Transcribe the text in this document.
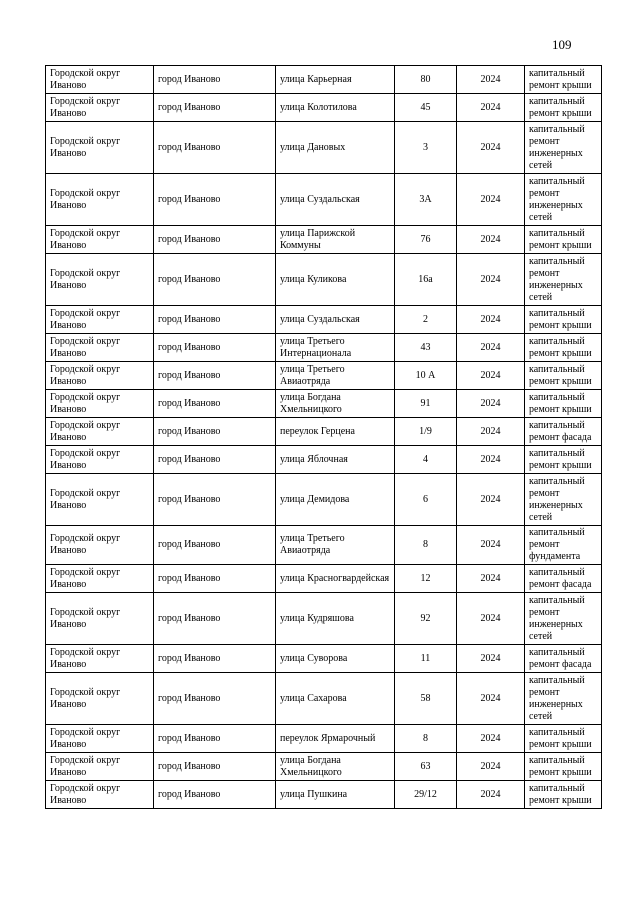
109
Городской округ Иваново	город Иваново	улица Карьерная	80	2024	капитальный ремонт крыши
Городской округ Иваново	город Иваново	улица Колотилова	45	2024	капитальный ремонт крыши
Городской округ Иваново	город Иваново	улица Дановых	3	2024	капитальный ремонт инженерных сетей
Городской округ Иваново	город Иваново	улица Суздальская	3А	2024	капитальный ремонт инженерных сетей
Городской округ Иваново	город Иваново	улица Парижской Коммуны	76	2024	капитальный ремонт крыши
Городской округ Иваново	город Иваново	улица Куликова	16а	2024	капитальный ремонт инженерных сетей
Городской округ Иваново	город Иваново	улица Суздальская	2	2024	капитальный ремонт крыши
Городской округ Иваново	город Иваново	улица Третьего Интернационала	43	2024	капитальный ремонт крыши
Городской округ Иваново	город Иваново	улица Третьего Авиаотряда	10 А	2024	капитальный ремонт крыши
Городской округ Иваново	город Иваново	улица Богдана Хмельницкого	91	2024	капитальный ремонт крыши
Городской округ Иваново	город Иваново	переулок Герцена	1/9	2024	капитальный ремонт фасада
Городской округ Иваново	город Иваново	улица Яблочная	4	2024	капитальный ремонт крыши
Городской округ Иваново	город Иваново	улица Демидова	6	2024	капитальный ремонт инженерных сетей
Городской округ Иваново	город Иваново	улица Третьего Авиаотряда	8	2024	капитальный ремонт фундамента
Городской округ Иваново	город Иваново	улица Красногвардейская	12	2024	капитальный ремонт фасада
Городской округ Иваново	город Иваново	улица Кудряшова	92	2024	капитальный ремонт инженерных сетей
Городской округ Иваново	город Иваново	улица Суворова	11	2024	капитальный ремонт фасада
Городской округ Иваново	город Иваново	улица Сахарова	58	2024	капитальный ремонт инженерных сетей
Городской округ Иваново	город Иваново	переулок Ярмарочный	8	2024	капитальный ремонт крыши
Городской округ Иваново	город Иваново	улица Богдана Хмельницкого	63	2024	капитальный ремонт крыши
Городской округ Иваново	город Иваново	улица Пушкина	29/12	2024	капитальный ремонт крыши
